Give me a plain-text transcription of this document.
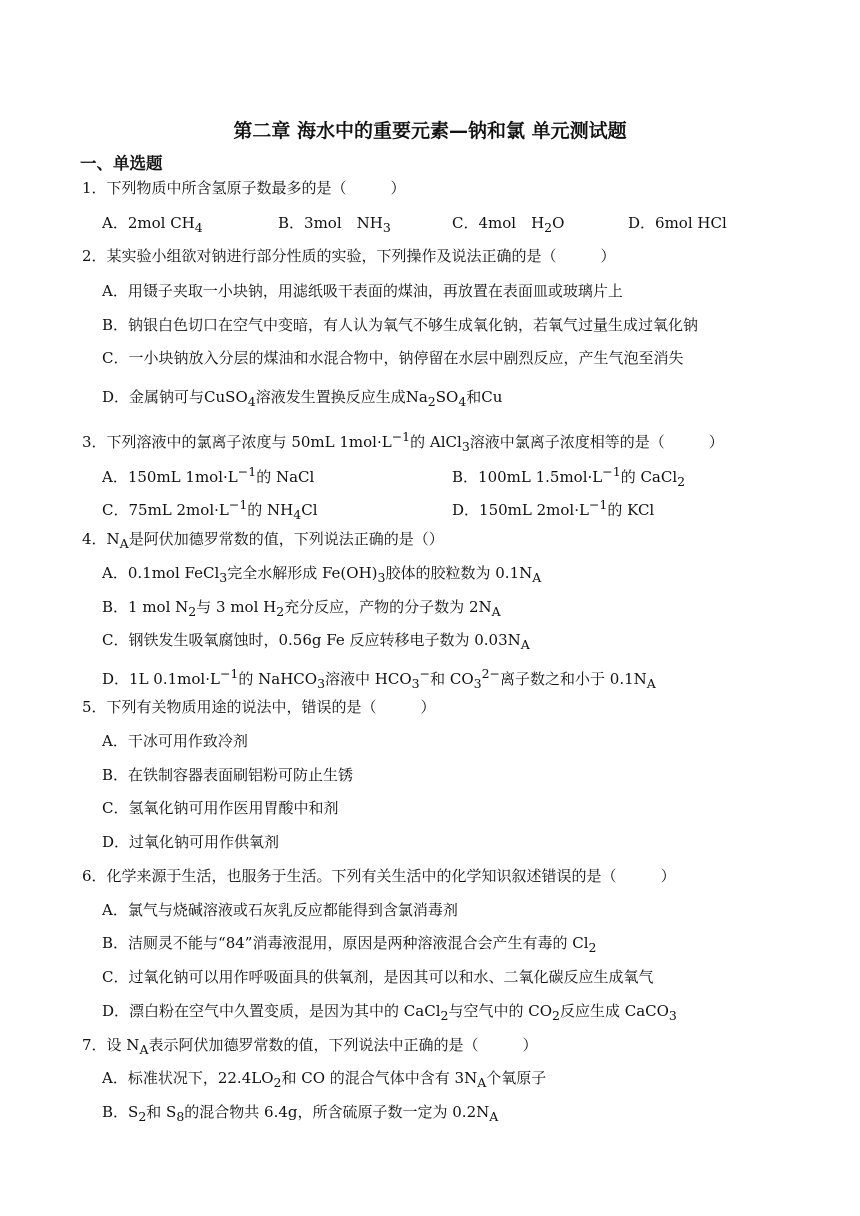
第二章 海水中的重要元素—钠和氯 单元测试题
一、单选题
1．下列物质中所含氢原子数最多的是（	）
A．2mol $CH_4$	B．3mol　$NH_3$	C．4mol　$H_2O$	D．6mol HCl
2．某实验小组欲对钠进行部分性质的实验，下列操作及说法正确的是（	）
A．用镊子夹取一小块钠，用滤纸吸干表面的煤油，再放置在表面皿或玻璃片上
B．钠银白色切口在空气中变暗，有人认为氧气不够生成氧化钠，若氧气过量生成过氧化钠
C．一小块钠放入分层的煤油和水混合物中，钠停留在水层中剧烈反应，产生气泡至消失
D．金属钠可与CuSO$_4$溶液发生置换反应生成$Na_2SO_4$和Cu
3．下列溶液中的氯离子浓度与 50mL $1mol\cdot L^{-1}$的 AlCl$_3$溶液中氯离子浓度相等的是（	）
A．150mL $1mol\cdot L^{-1}$的 NaCl	B．100mL $1.5mol\cdot L^{-1}$的 CaCl$_2$
C．75mL $2mol\cdot L^{-1}$的 $NH_4Cl$	D．150mL $2mol\cdot L^{-1}$的 KCl
4．$N_A$是阿伏加德罗常数的值，下列说法正确的是（）
A．0.1mol FeCl$_3$完全水解形成 $Fe(OH)_3$胶体的胶粒数为 $0.1N_A$
B．1 mol $N_2$与 3 mol $H_2$充分反应，产物的分子数为 $2N_A$
C．钢铁发生吸氧腐蚀时，0.56g Fe 反应转移电子数为 $0.03N_A$
D．1L $0.1mol\cdot L^{-1}$的 NaHCO$_3$溶液中 $HCO_3^-$和 $CO_3^{2-}$离子数之和小于 $0.1N_A$
5．下列有关物质用途的说法中，错误的是（	）
A．干冰可用作致冷剂
B．在铁制容器表面刷铝粉可防止生锈
C．氢氧化钠可用作医用胃酸中和剂
D．过氧化钠可用作供氧剂
6．化学来源于生活，也服务于生活。下列有关生活中的化学知识叙述错误的是（	）
A．氯气与烧碱溶液或石灰乳反应都能得到含氯消毒剂
B．洁厕灵不能与“84”消毒液混用，原因是两种溶液混合会产生有毒的 $Cl_2$
C．过氧化钠可以用作呼吸面具的供氧剂，是因其可以和水、二氧化碳反应生成氧气
D．漂白粉在空气中久置变质，是因为其中的 CaCl$_2$与空气中的 $CO_2$反应生成 CaCO$_3$
7．设 $N_A$表示阿伏加德罗常数的值，下列说法中正确的是（	）
A．标准状况下，$22.4LO_2$和 CO 的混合气体中含有 $3N_A$个氧原子
B．$S_2$和 $S_8$的混合物共 6.4g，所含硫原子数一定为 $0.2N_A$
